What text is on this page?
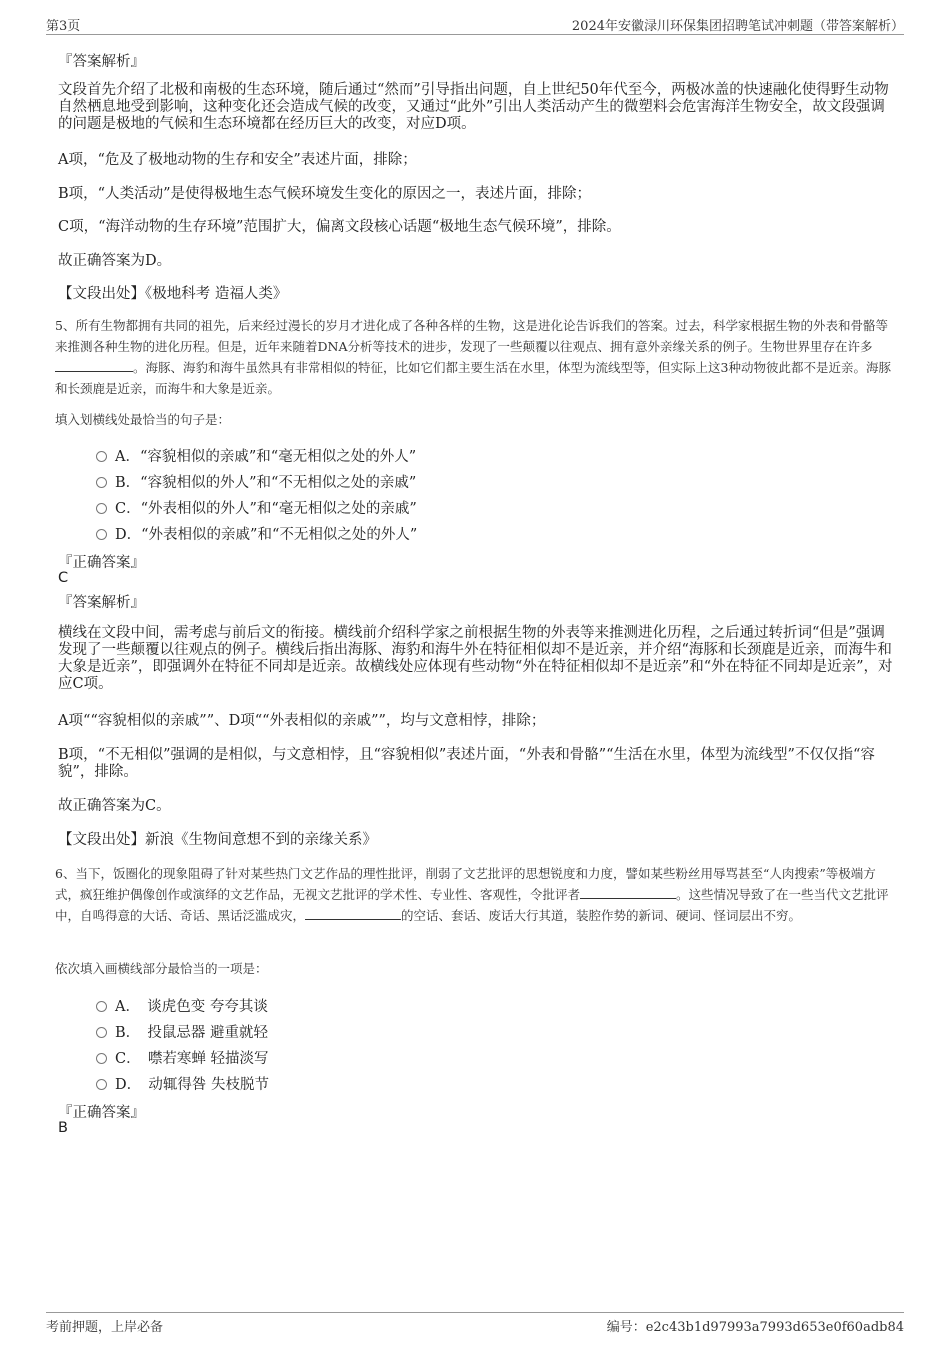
第3页	2024年安徽渌川环保集团招聘笔试冲刺题（带答案解析）
『答案解析』
文段首先介绍了北极和南极的生态环境，随后通过“然而”引导指出问题，自上世纪50年代至今，两极冰盖的快速融化使得野生动物自然栖息地受到影响，这种变化还会造成气候的改变，又通过“此外”引出人类活动产生的微塑料会危害海洋生物安全，故文段强调的问题是极地的气候和生态环境都在经历巨大的改变，对应D项。
A项，“危及了极地动物的生存和安全”表述片面，排除；
B项，“人类活动”是使得极地生态气候环境发生变化的原因之一，表述片面，排除；
C项，“海洋动物的生存环境”范围扩大，偏离文段核心话题“极地生态气候环境”，排除。
故正确答案为D。
【文段出处】《极地科考 造福人类》
5、所有生物都拥有共同的祖先，后来经过漫长的岁月才进化成了各种各样的生物，这是进化论告诉我们的答案。过去，科学家根据生物的外表和骨骼等来推测各种生物的进化历程。但是，近年来随着DNA分析等技术的进步，发现了一些颠覆以往观点、拥有意外亲缘关系的例子。生物世界里存在许多。海豚、海豹和海牛虽然具有非常相似的特征，比如它们都主要生活在水里，体型为流线型等，但实际上这3种动物彼此都不是近亲。海豚和长颈鹿是近亲，而海牛和大象是近亲。
填入划横线处最恰当的句子是：
A．“容貌相似的亲戚”和“毫无相似之处的外人”
B．“容貌相似的外人”和“不无相似之处的亲戚”
C．“外表相似的外人”和“毫无相似之处的亲戚”
D．“外表相似的亲戚”和“不无相似之处的外人”
『正确答案』
C
『答案解析』
横线在文段中间，需考虑与前后文的衔接。横线前介绍科学家之前根据生物的外表等来推测进化历程，之后通过转折词“但是”强调发现了一些颠覆以往观点的例子。横线后指出海豚、海豹和海牛外在特征相似却不是近亲，并介绍“海豚和长颈鹿是近亲，而海牛和大象是近亲”，即强调外在特征不同却是近亲。故横线处应体现有些动物“外在特征相似却不是近亲”和“外在特征不同却是近亲”，对应C项。
A项““容貌相似的亲戚””、D项““外表相似的亲戚””，均与文意相悖，排除；
B项，“不无相似”强调的是相似，与文意相悖，且“容貌相似”表述片面，“外表和骨骼”“生活在水里，体型为流线型”不仅仅指“容貌”，排除。
故正确答案为C。
【文段出处】新浪《生物间意想不到的亲缘关系》
6、当下，饭圈化的现象阻碍了针对某些热门文艺作品的理性批评，削弱了文艺批评的思想锐度和力度，譬如某些粉丝用辱骂甚至“人肉搜索”等极端方式，疯狂维护偶像创作或演绎的文艺作品，无视文艺批评的学术性、专业性、客观性，令批评者	。这些情况导致了在一些当代文艺批评中，自鸣得意的大话、奇话、黑话泛滥成灾，	的空话、套话、废话大行其道，装腔作势的新词、硬词、怪词层出不穷。
依次填入画横线部分最恰当的一项是：
A．　谈虎色变 夸夸其谈
B．　投鼠忌器 避重就轻
C．　噤若寒蝉 轻描淡写
D．　动辄得咎 失枝脱节
『正确答案』
B
考前押题，上岸必备	编号：e2c43b1d97993a7993d653e0f60adb84
